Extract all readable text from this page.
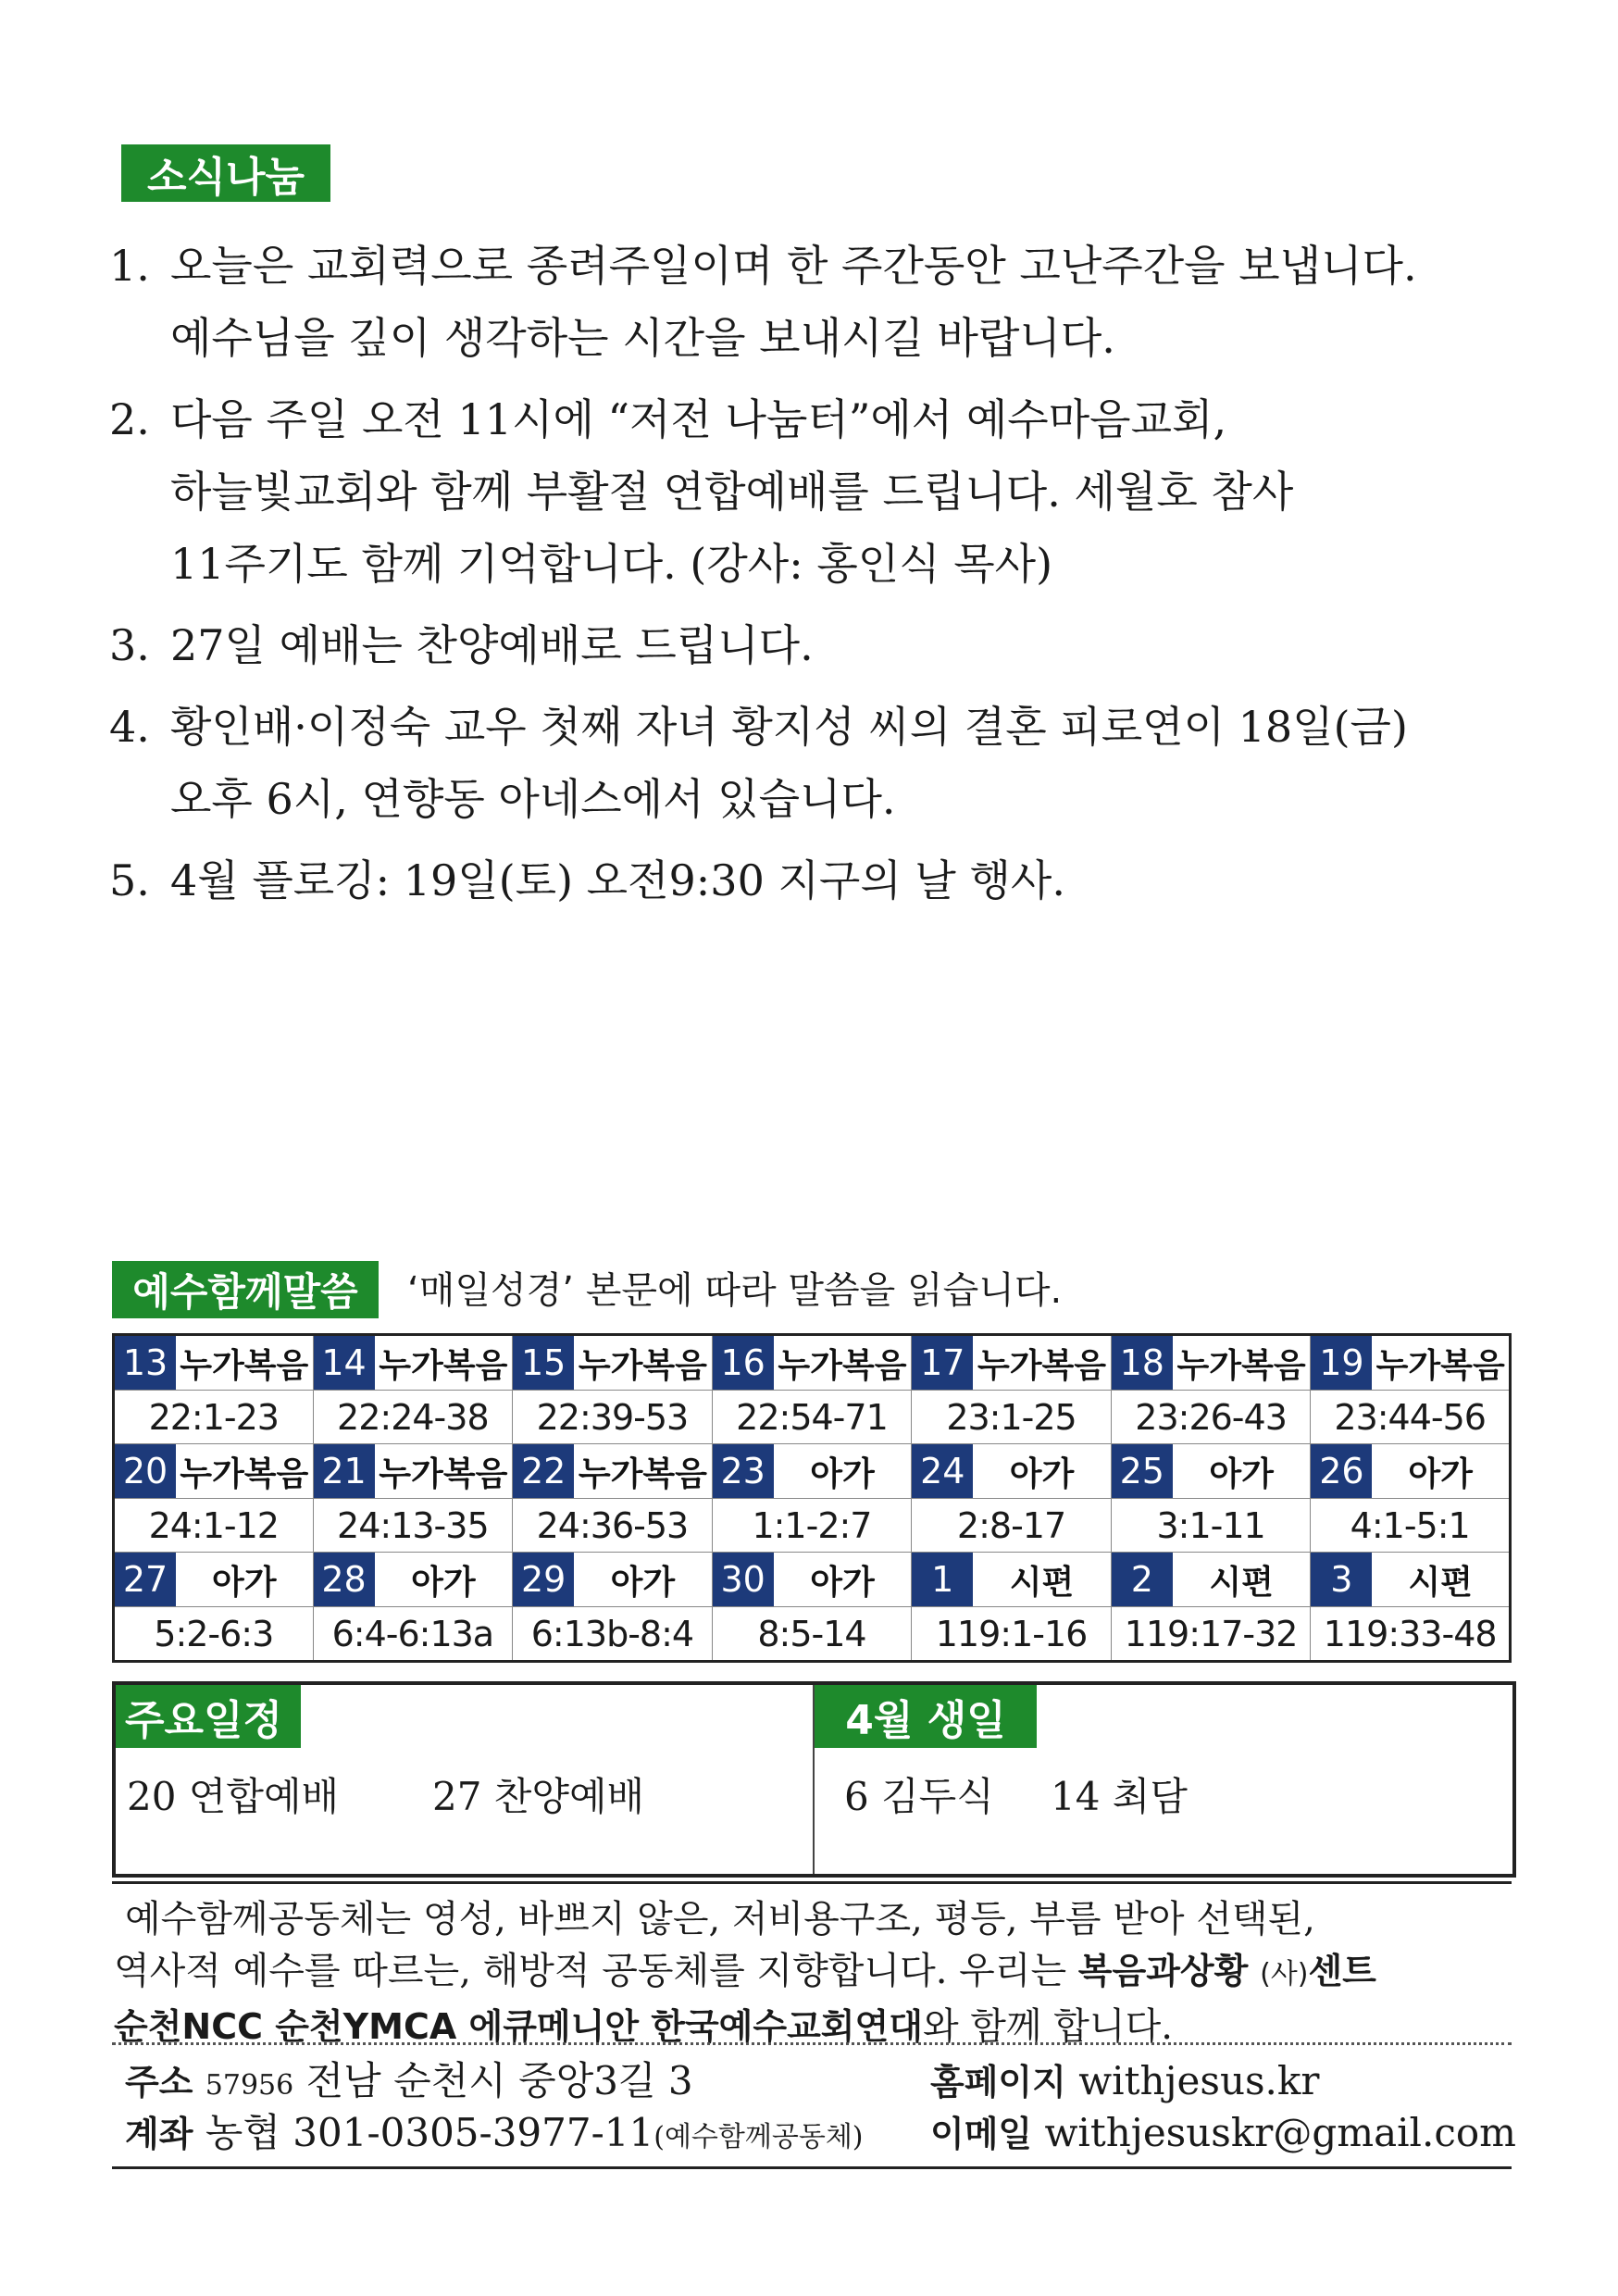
소식나눔
1. 오늘은 교회력으로 종려주일이며 한 주간동안 고난주간을 보냅니다.
예수님을 깊이 생각하는 시간을 보내시길 바랍니다.
2. 다음 주일 오전 11시에 “저전 나눔터”에서 예수마음교회,
하늘빛교회와 함께 부활절 연합예배를 드립니다. 세월호 참사
11주기도 함께 기억합니다. (강사: 홍인식 목사)
3. 27일 예배는 찬양예배로 드립니다.
4. 황인배·이정숙 교우 첫째 자녀 황지성 씨의 결혼 피로연이 18일(금)
오후 6시, 연향동 아네스에서 있습니다.
5. 4월 플로깅: 19일(토) 오전9:30 지구의 날 행사.
예수함께말씀	‘매일성경’ 본문에 따라 말씀을 읽습니다.
13 누가복음	14 누가복음	15 누가복음	16 누가복음	17 누가복음	18 누가복음	19 누가복음

22:1-23	22:24-38	22:39-53	22:54-71	23:1-25	23:26-43	23:44-56

20 누가복음	21 누가복음	22 누가복음	23 아가	24 아가	25 아가	26 아가

24:1-12	24:13-35	24:36-53	1:1-2:7	2:8-17	3:1-11	4:1-5:1

27 아가	28 아가	29 아가	30 아가	1 시편	2 시편	3 시편

5:2-6:3	6:4-6:13a	6:13b-8:4	8:5-14	119:1-16	119:17-32	119:33-48
주요일정	4월 생일
20 연합예배 27 찬양예배	6 김두식 14 최담
예수함께공동체는 영성, 바쁘지 않은, 저비용구조, 평등, 부름 받아 선택된,
역사적 예수를 따르는, 해방적 공동체를 지향합니다. 우리는 복음과상황 (사)센트
순천NCC 순천YMCA 에큐메니안 한국예수교회연대와 함께 합니다.
주소 57956 전남 순천시 중앙3길 3	홈페이지 withjesus.kr
계좌 농협 301-0305-3977-11(예수함께공동체) 이메일 withjesuskr@gmail.com
